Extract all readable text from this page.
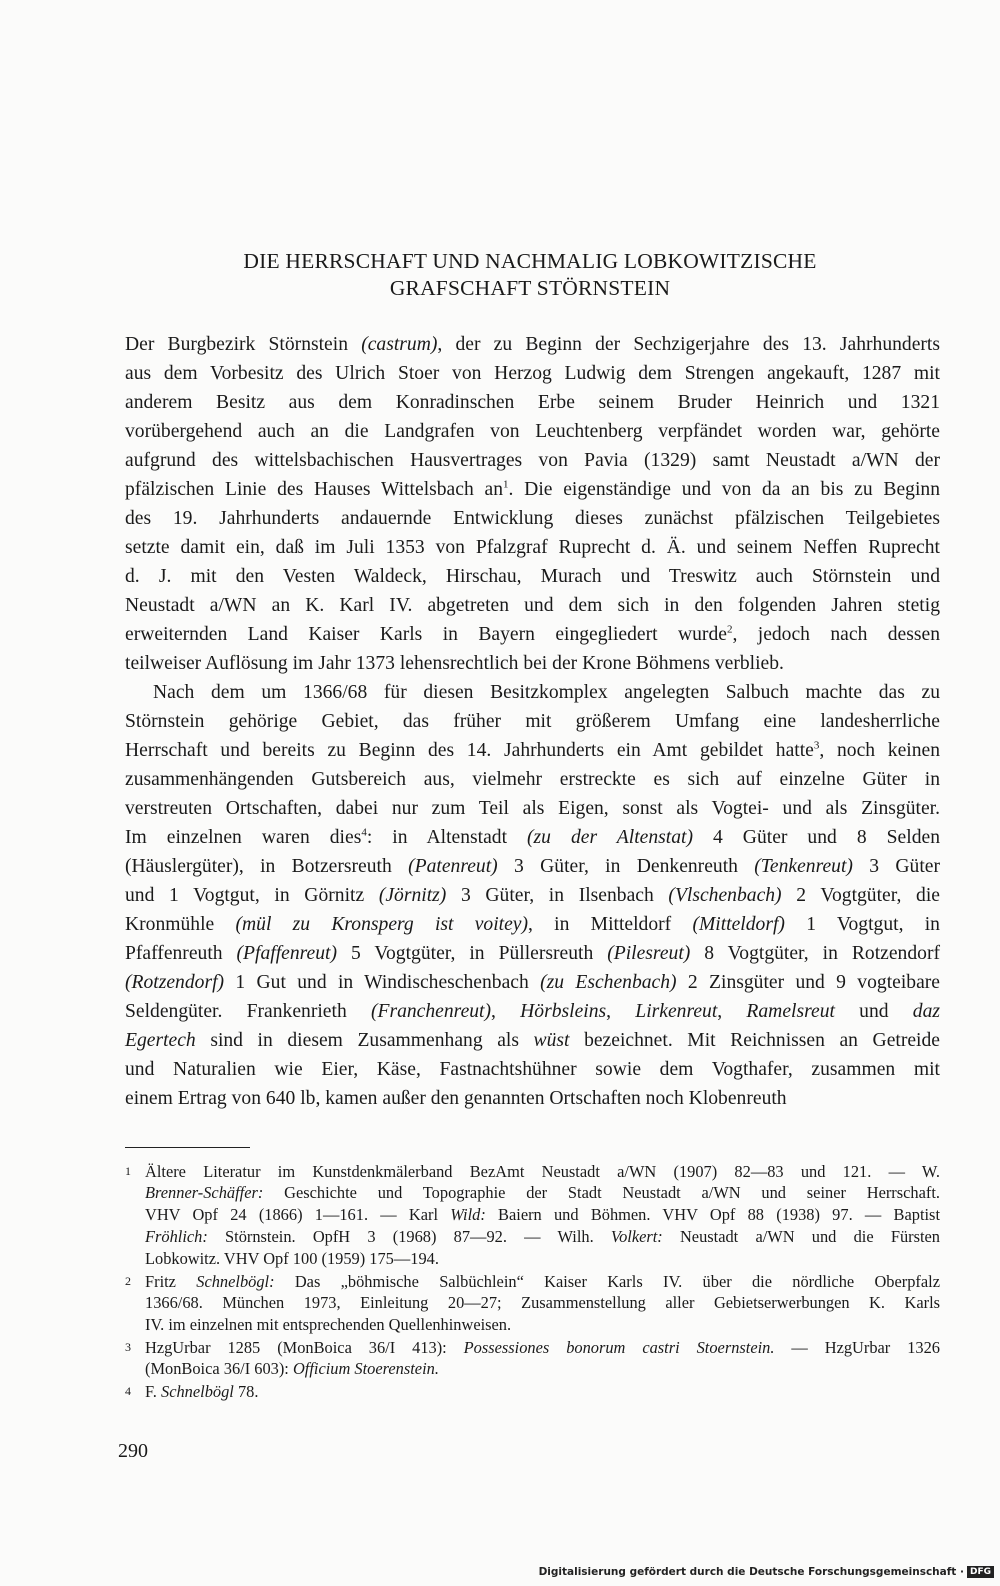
DIE HERRSCHAFT UND NACHMALIG LOBKOWITZISCHE
GRAFSCHAFT STÖRNSTEIN
Der Burgbezirk Störnstein (castrum), der zu Beginn der Sechzigerjahre des 13. Jahrhunderts
aus dem Vorbesitz des Ulrich Stoer von Herzog Ludwig dem Strengen angekauft, 1287 mit
anderem Besitz aus dem Konradinschen Erbe seinem Bruder Heinrich und 1321
vorübergehend auch an die Landgrafen von Leuchtenberg verpfändet worden war, gehörte
aufgrund des wittelsbachischen Hausvertrages von Pavia (1329) samt Neustadt a/WN der
pfälzischen Linie des Hauses Wittelsbach $an^1$. Die eigenständige und von da an bis zu Beginn
des 19. Jahrhunderts andauernde Entwicklung dieses zunächst pfälzischen Teilgebietes
setzte damit ein, daß im Juli 1353 von Pfalzgraf Ruprecht d. Ä. und seinem Neffen Ruprecht
d. J. mit den Vesten Waldeck, Hirschau, Murach und Treswitz auch Störnstein und
Neustadt a/WN an K. Karl IV. abgetreten und dem sich in den folgenden Jahren stetig
erweiternden Land Kaiser Karls in Bayern eingegliedert wurde$^2$, jedoch nach dessen
teilweiser Auflösung im Jahr 1373 lehensrechtlich bei der Krone Böhmens verblieb.
Nach dem um 1366/68 für diesen Besitzkomplex angelegten Salbuch machte das zu
Störnstein gehörige Gebiet, das früher mit größerem Umfang eine landesherrliche
Herrschaft und bereits zu Beginn des 14. Jahrhunderts ein Amt gebildet hatte$^3$, noch keinen
zusammenhängenden Gutsbereich aus, vielmehr erstreckte es sich auf einzelne Güter in
verstreuten Ortschaften, dabei nur zum Teil als Eigen, sonst als Vogtei- und als Zinsgüter.
Im einzelnen waren dies$^4$: in Altenstadt (zu der Altenstat) 4 Güter und 8 Selden
(Häuslergüter), in Botzersreuth (Patenreut) 3 Güter, in Denkenreuth (Tenkenreut) 3 Güter
und 1 Vogtgut, in Görnitz (Jörnitz) 3 Güter, in Ilsenbach (Vlschenbach) 2 Vogtgüter, die
Kronmühle (mül zu Kronsperg ist voitey), in Mitteldorf (Mitteldorf) 1 Vogtgut, in
Pfaffenreuth (Pfaffenreut) 5 Vogtgüter, in Püllersreuth (Pilesreut) 8 Vogtgüter, in Rotzendorf
(Rotzendorf) 1 Gut und in Windischeschenbach (zu Eschenbach) 2 Zinsgüter und 9 vogteibare
Seldengüter. Frankenrieth (Franchenreut), Hörbsleins, Lirkenreut, Ramelsreut und daz
Egertech sind in diesem Zusammenhang als wüst bezeichnet. Mit Reichnissen an Getreide
und Naturalien wie Eier, Käse, Fastnachtshühner sowie dem Vogthafer, zusammen mit
einem Ertrag von 640 lb, kamen außer den genannten Ortschaften noch Klobenreuth
1 Ältere Literatur im Kunstdenkmälerband BezAmt Neustadt a/WN (1907) 82—83 und 121. — W.
Brenner-Schäffer: Geschichte und Topographie der Stadt Neustadt a/WN und seiner Herrschaft.
VHV Opf 24 (1866) 1—161. — Karl Wild: Baiern und Böhmen. VHV Opf 88 (1938) 97. — Baptist
Fröhlich: Störnstein. OpfH 3 (1968) 87—92. — Wilh. Volkert: Neustadt a/WN und die Fürsten
Lobkowitz. VHV Opf 100 (1959) 175—194.
2 Fritz Schnelbögl: Das „böhmische Salbüchlein“ Kaiser Karls IV. über die nördliche Oberpfalz
1366/68. München 1973, Einleitung 20—27; Zusammenstellung aller Gebietserwerbungen K. Karls
IV. im einzelnen mit entsprechenden Quellenhinweisen.
3 HzgUrbar 1285 (MonBoica 36/I 413): Possessiones bonorum castri Stoernstein. — HzgUrbar 1326
(MonBoica 36/I 603): Officium Stoerenstein.
4 F. Schnelbögl 78.
290
Digitalisierung gefördert durch die Deutsche Forschungsgemeinschaft · DFG
